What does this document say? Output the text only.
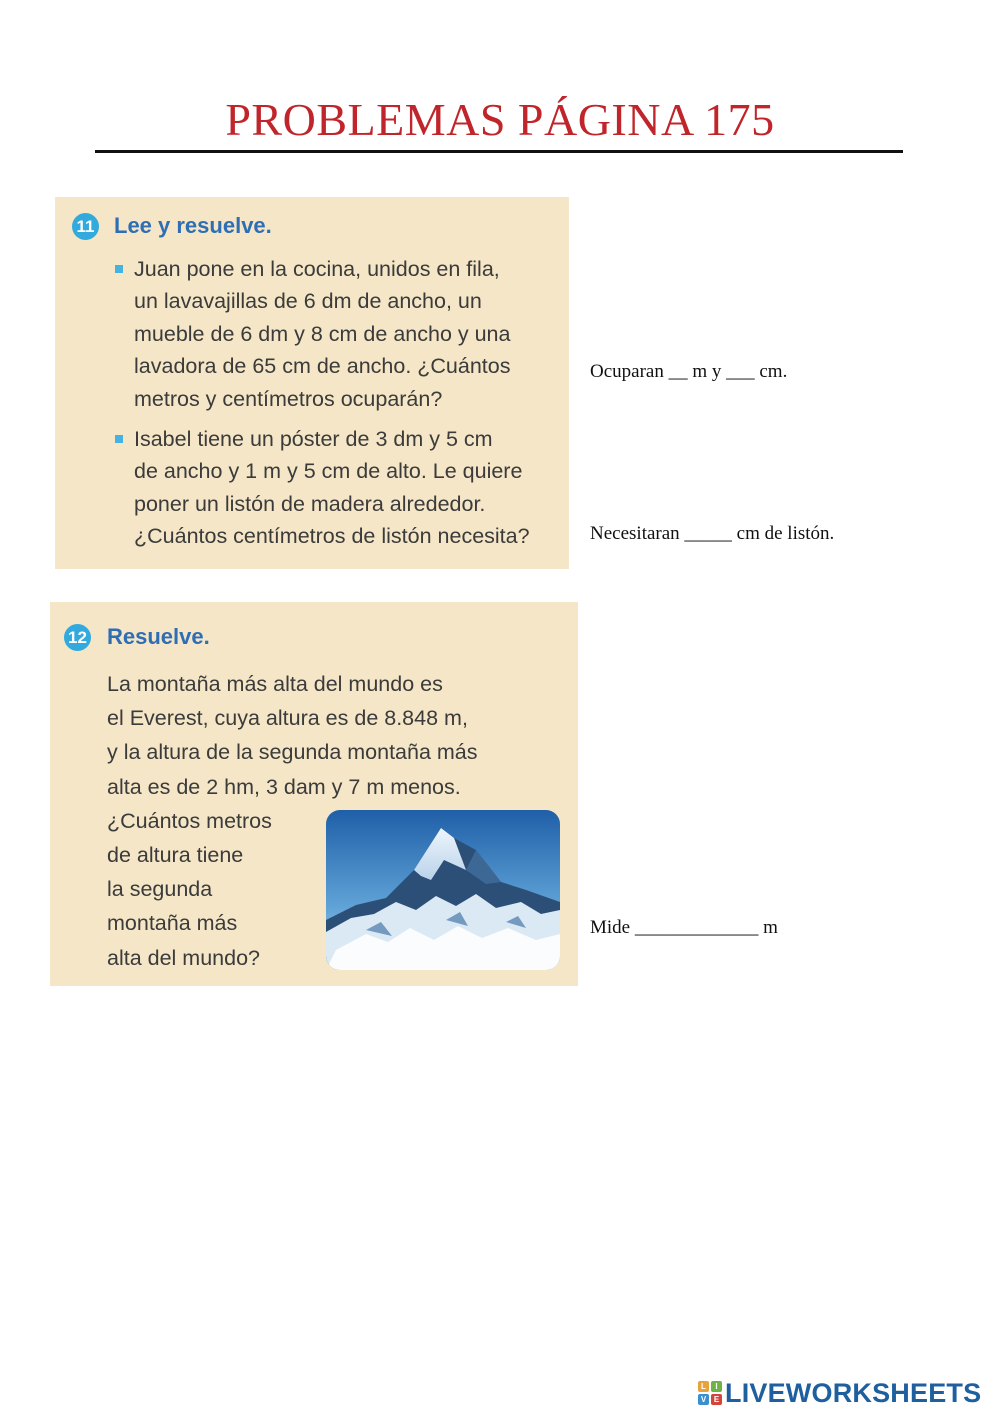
PROBLEMAS PÁGINA 175
11 Lee y resuelve.

Juan pone en la cocina, unidos en fila,
un lavavajillas de 6 dm de ancho, un
mueble de 6 dm y 8 cm de ancho y una
lavadora de 65 cm de ancho. ¿Cuántos
metros y centímetros ocuparán?

Isabel tiene un póster de 3 dm y 5 cm
de ancho y 1 m y 5 cm de alto. Le quiere
poner un listón de madera alrededor.
¿Cuántos centímetros de listón necesita?

Ocuparan __ m y ___ cm.
Necesitaran _____ cm de listón.
12 Resuelve.

La montaña más alta del mundo es
el Everest, cuya altura es de 8.848 m,
y la altura de la segunda montaña más
alta es de 2 hm, 3 dam y 7 m menos.
¿Cuántos metros
de altura tiene
la segunda
montaña más
alta del mundo?

Mide _____________ m
L	I
V E LIVEWORKSHEETS
